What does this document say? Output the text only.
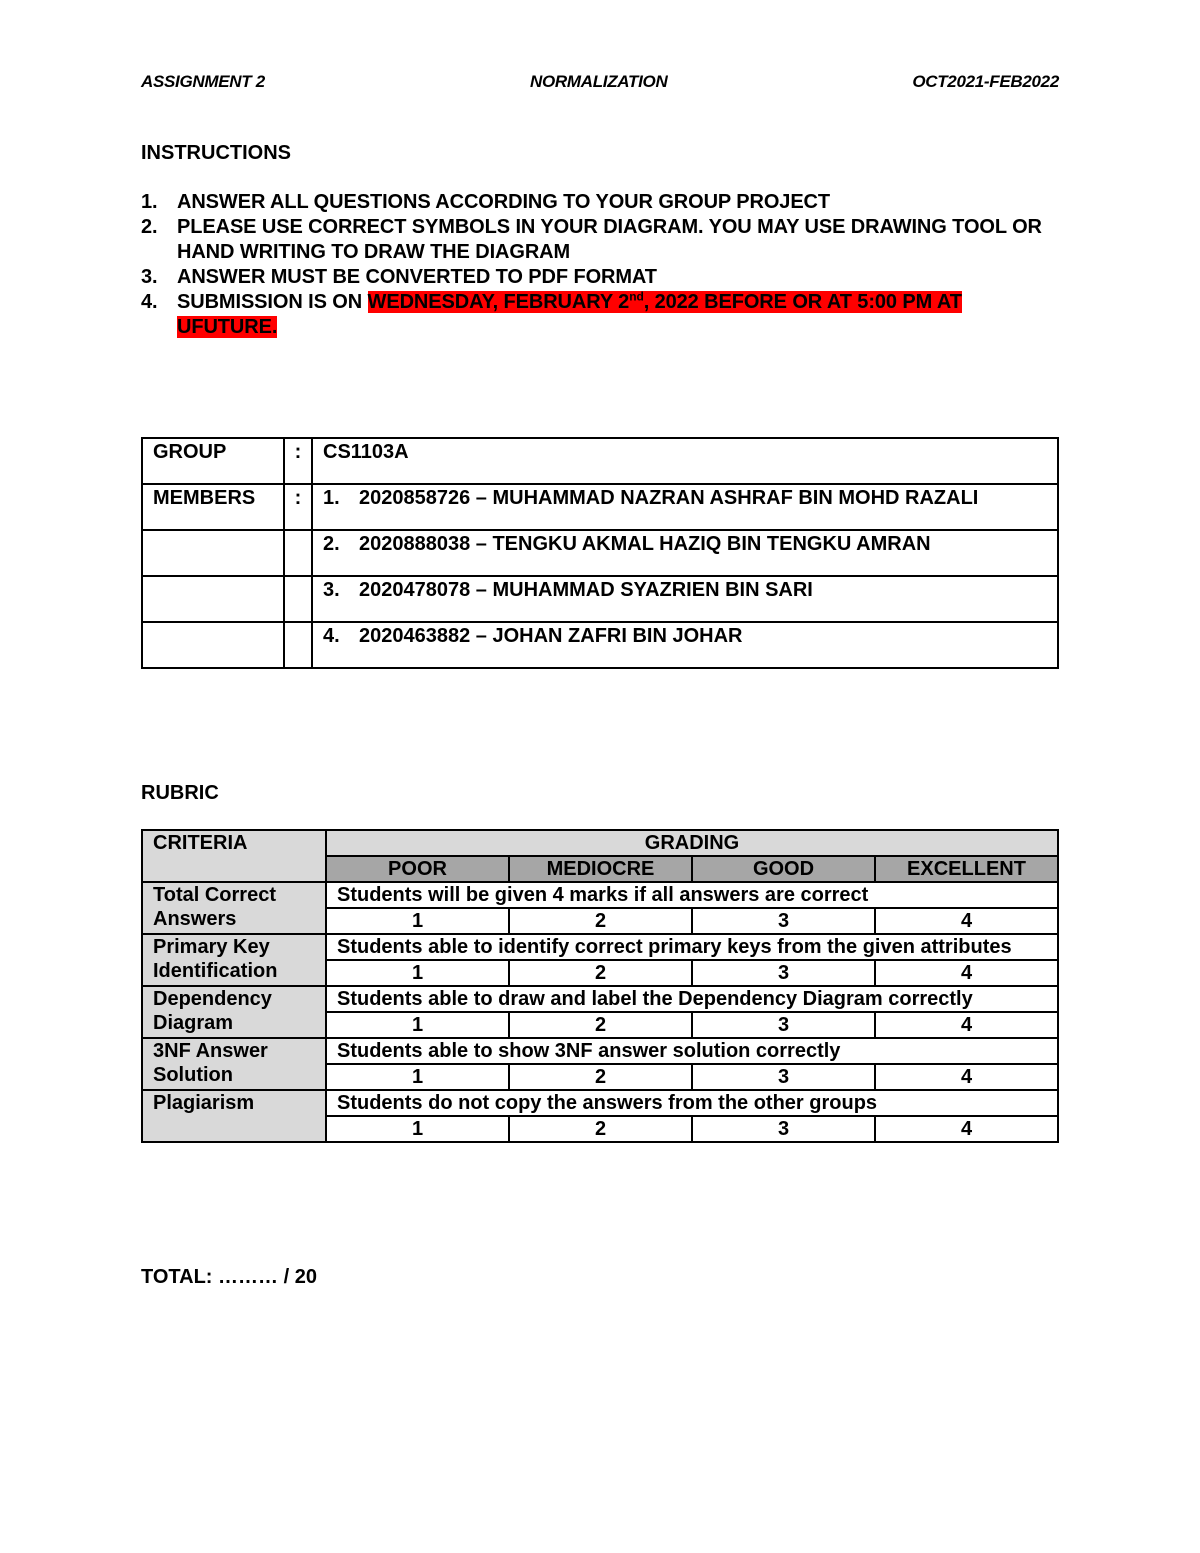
ASSIGNMENT 2	NORMALIZATION	OCT2021-FEB2022
INSTRUCTIONS
1. ANSWER ALL QUESTIONS ACCORDING TO YOUR GROUP PROJECT
2. PLEASE USE CORRECT SYMBOLS IN YOUR DIAGRAM. YOU MAY USE DRAWING TOOL OR HAND WRITING TO DRAW THE DIAGRAM
3. ANSWER MUST BE CONVERTED TO PDF FORMAT
4. SUBMISSION IS ON WEDNESDAY, FEBRUARY 2nd, 2022 BEFORE OR AT 5:00 PM AT UFUTURE.
GROUP	:	CS1103A
MEMBERS	:	1. 2020858726 – MUHAMMAD NAZRAN ASHRAF BIN MOHD RAZALI

		2. 2020888038 – TENGKU AKMAL HAZIQ BIN TENGKU AMRAN

		3. 2020478078 – MUHAMMAD SYAZRIEN BIN SARI

		4. 2020463882 – JOHAN ZAFRI BIN JOHAR
RUBRIC
CRITERIA	GRADING			
	POOR	MEDIOCRE	GOOD	EXCELLENT
Total Correct Answers	Students will be given 4 marks if all answers are correct			
	1	2	3	4
Primary Key Identification	Students able to identify correct primary keys from the given attributes			
	1	2	3	4
Dependency Diagram	Students able to draw and label the Dependency Diagram correctly			
	1	2	3	4
3NF Answer Solution	Students able to show 3NF answer solution correctly			
	1	2	3	4
Plagiarism	Students do not copy the answers from the other groups			
	1	2	3	4
TOTAL: ……… / 20
